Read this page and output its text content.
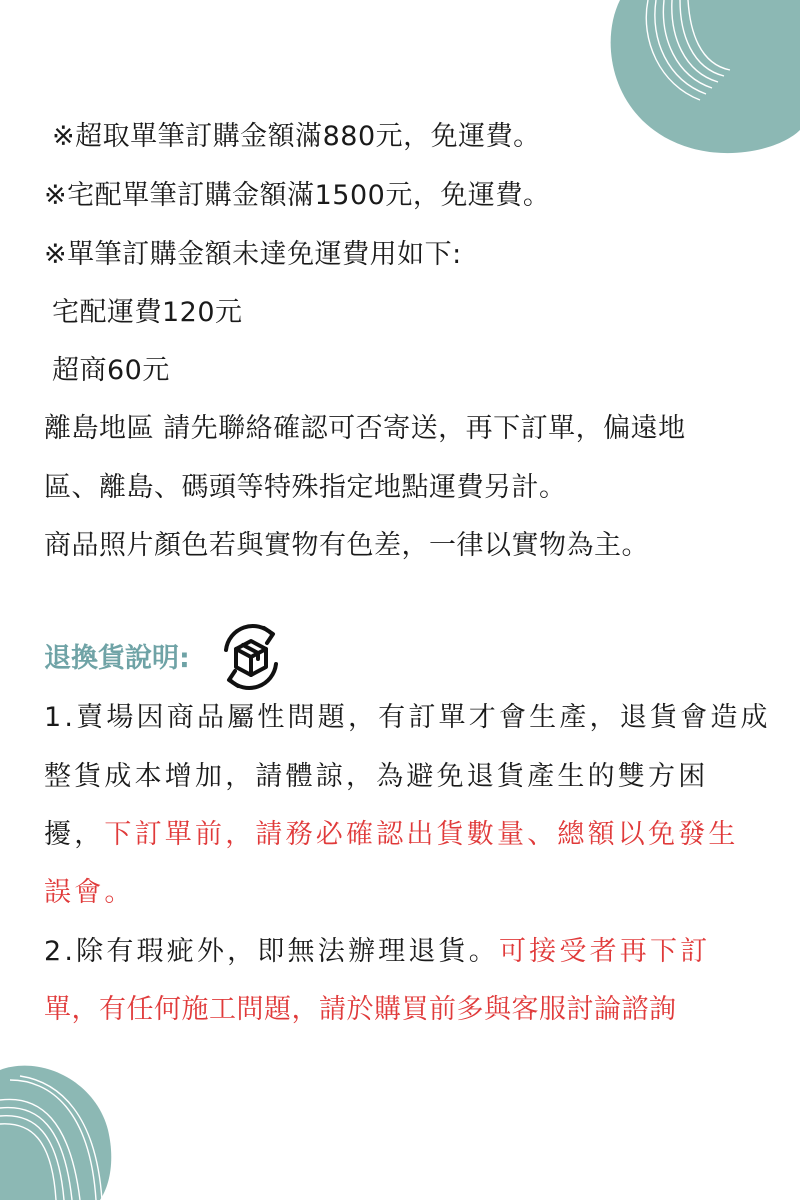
※超取單筆訂購金額滿880元，免運費。
※宅配單筆訂購金額滿1500元，免運費。
※單筆訂購金額未達免運費用如下:
宅配運費120元
超商60元
離島地區 請先聯絡確認可否寄送，再下訂單，偏遠地
區、離島、碼頭等特殊指定地點運費另計。
商品照片顏色若與實物有色差，一律以實物為主。
退換貨說明:
1.賣場因商品屬性問題，有訂單才會生產，退貨會造成
整貨成本增加，請體諒，為避免退貨產生的雙方困
擾，下訂單前，請務必確認出貨數量、總額以免發生
誤會。
2.除有瑕疵外，即無法辦理退貨。可接受者再下訂
單，有任何施工問題，請於購買前多與客服討論諮詢
